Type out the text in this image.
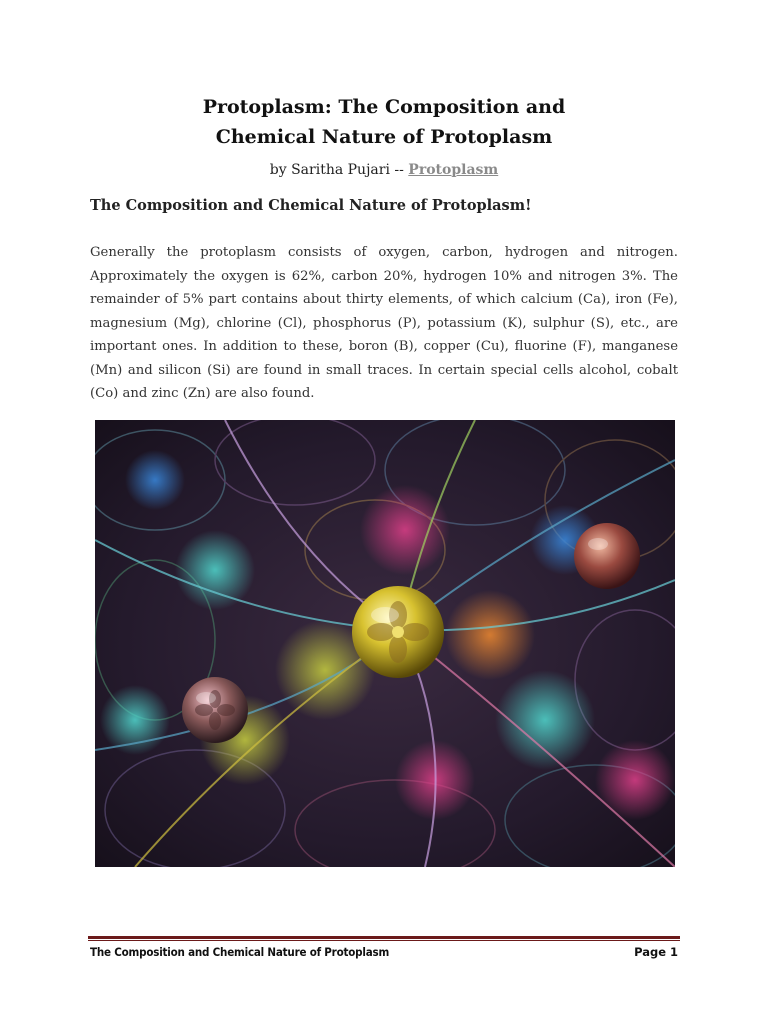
Protoplasm: The Composition and
Chemical Nature of Protoplasm
by Saritha Pujari -- Protoplasm
The Composition and Chemical Nature of Protoplasm!
Generally the protoplasm consists of oxygen, carbon, hydrogen and nitrogen. Approximately the oxygen is 62%, carbon 20%, hydrogen 10% and nitrogen 3%. The remainder of 5% part contains about thirty elements, of which calcium (Ca), iron (Fe), magnesium (Mg), chlorine (Cl), phosphorus (P), potassium (K), sulphur (S), etc., are important ones. In addition to these, boron (B), copper (Cu), fluorine (F), manganese (Mn) and silicon (Si) are found in small traces. In certain special cells alcohol, cobalt (Co) and zinc (Zn) are also found.
The Composition and Chemical Nature of Protoplasm	Page 1
